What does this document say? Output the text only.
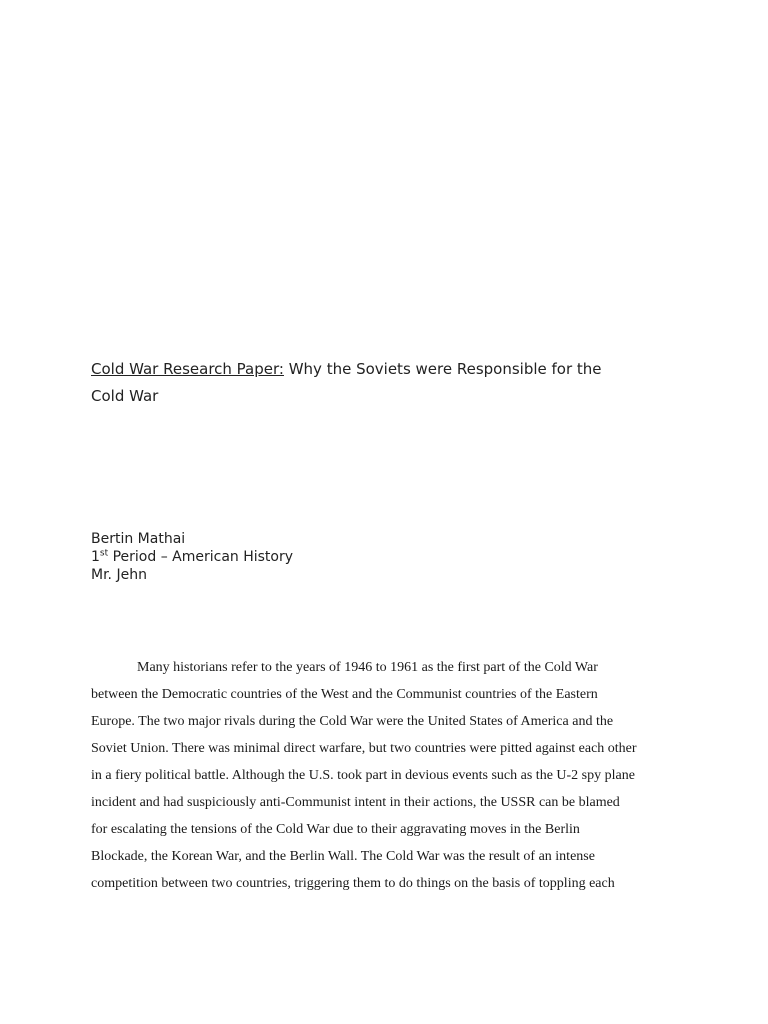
Cold War Research Paper: Why the Soviets were Responsible for the
Cold War
Bertin Mathai
1st Period – American History
Mr. Jehn
Many historians refer to the years of 1946 to 1961 as the first part of the Cold War
between the Democratic countries of the West and the Communist countries of the Eastern
Europe. The two major rivals during the Cold War were the United States of America and the
Soviet Union. There was minimal direct warfare, but two countries were pitted against each other
in a fiery political battle. Although the U.S. took part in devious events such as the U-2 spy plane
incident and had suspiciously anti-Communist intent in their actions, the USSR can be blamed
for escalating the tensions of the Cold War due to their aggravating moves in the Berlin
Blockade, the Korean War, and the Berlin Wall. The Cold War was the result of an intense
competition between two countries, triggering them to do things on the basis of toppling each
